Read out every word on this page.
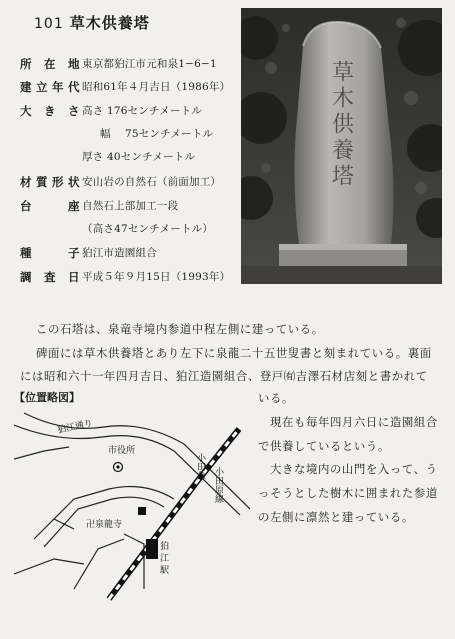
101 草木供養塔
所在地 東京都狛江市元和泉1−6−1
建立年代 昭和61年４月吉日（1986年）
大きさ 高さ 176センチメートル
幅　 75センチメートル
厚さ 40センチメートル
材質形状 安山岩の自然石（前面加工）
台座 自然石上部加工一段
（高さ47センチメートル）
種子 狛江市造園組合
調査日 平成５年９月15日（1993年）
草木供養塔
この石塔は、泉竜寺境内参道中程左側に建っている。
碑面には草木供養塔とあり左下に泉龍二十五世叟書と刻まれている。裏面
には昭和六十一年四月吉日、狛江造園組合、登戸㈲吉澤石材店刻と書かれて
【位置略図】
狛江通り
市役所
卍泉龍寺
狛
江
駅
小田急
小田原線

いる。

　現在も毎年四月六日に造園組合で供養しているという。

　大きな境内の山門を入って、うっそうとした樹木に囲まれた参道の左側に凛然と建っている。
